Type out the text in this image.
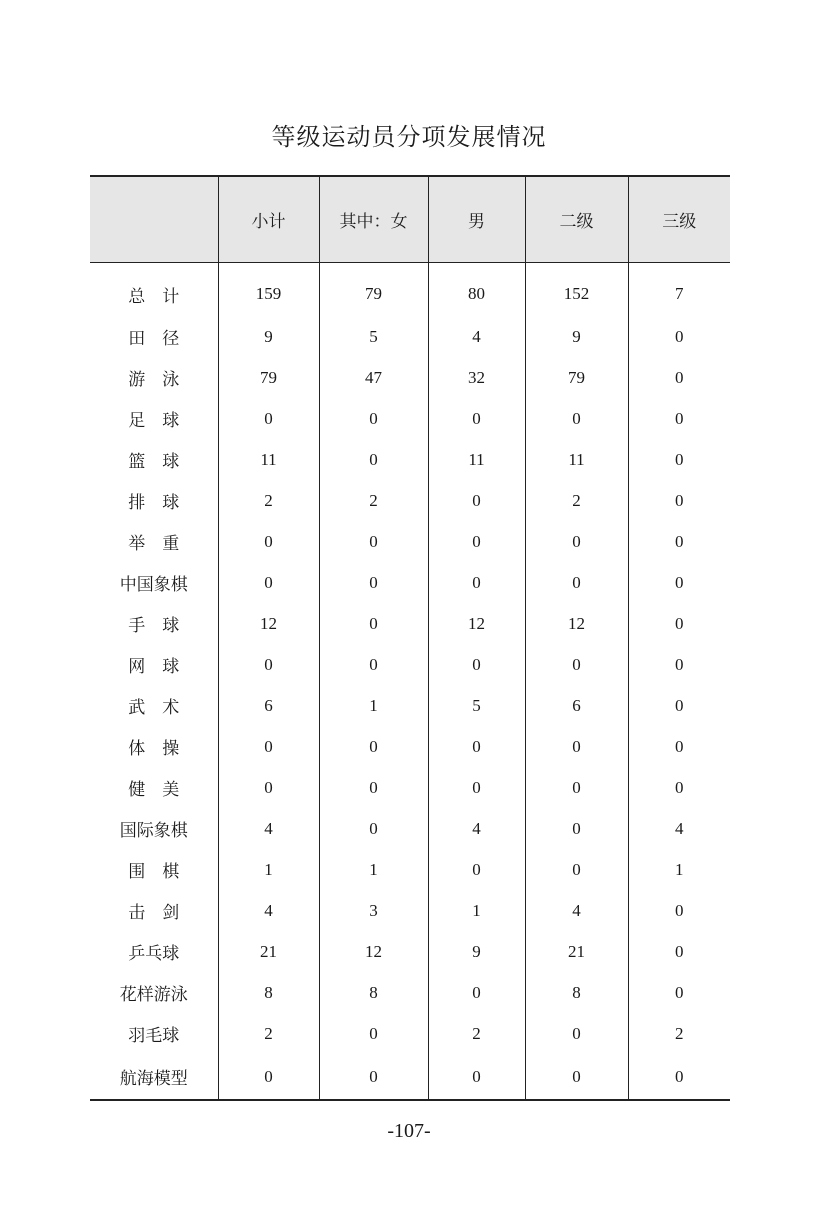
等级运动员分项发展情况
	小计	其中：女	男	二级	三级
总　计	159	79	80	152	7
田　径	9	5	4	9	0
游　泳	79	47	32	79	0
足　球	0	0	0	0	0
篮　球	11	0	11	11	0
排　球	2	2	0	2	0
举　重	0	0	0	0	0
中国象棋	0	0	0	0	0
手　球	12	0	12	12	0
网　球	0	0	0	0	0
武　术	6	1	5	6	0
体　操	0	0	0	0	0
健　美	0	0	0	0	0
国际象棋	4	0	4	0	4
围　棋	1	1	0	0	1
击　剑	4	3	1	4	0
乒乓球	21	12	9	21	0
花样游泳	8	8	0	8	0
羽毛球	2	0	2	0	2
航海模型	0	0	0	0	0
-107-
